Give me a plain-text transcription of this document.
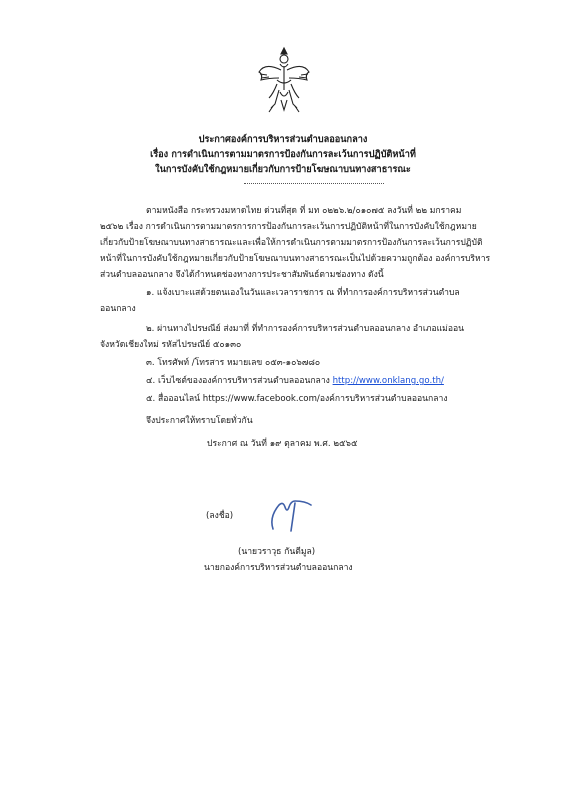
ประกาศองค์การบริหารส่วนตำบลออนกลาง
เรื่อง การดำเนินการตามมาตรการป้องกันการละเว้นการปฏิบัติหน้าที่
ในการบังคับใช้กฎหมายเกี่ยวกับการป้ายโฆษณาบนทางสาธารณะ
ตามหนังสือ กระทรวงมหาดไทย ด่วนที่สุด ที่ มท ๐๒๒๖.๒/๐๑๐๗๕ ลงวันที่ ๒๒ มกราคม
๒๕๖๒ เรื่อง การดำเนินการตามมาตรการการป้องกันการละเว้นการปฏิบัติหน้าที่ในการบังคับใช้กฎหมาย
เกี่ยวกับป้ายโฆษณาบนทางสาธารณะและเพื่อให้การดำเนินการตามมาตรการป้องกันการละเว้นการปฏิบัติ
หน้าที่ในการบังคับใช้กฎหมายเกี่ยวกับป้ายโฆษณาบนทางสาธารณะเป็นไปด้วยความถูกต้อง องค์การบริหาร
ส่วนตำบลออนกลาง จึงได้กำหนดช่องทางการประชาสัมพันธ์ตามช่องทาง ดังนี้
๑. แจ้งเบาะแสด้วยตนเองในวันและเวลาราชการ ณ ที่ทำการองค์การบริหารส่วนตำบล
ออนกลาง
๒. ผ่านทางไปรษณีย์ ส่งมาที่ ที่ทำการองค์การบริหารส่วนตำบลออนกลาง อำเภอแม่ออน
จังหวัดเชียงใหม่ รหัสไปรษณีย์ ๕๐๑๓๐
๓. โทรศัพท์ /โทรสาร หมายเลข ๐๕๓-๑๐๖๗๘๐
๔. เว็บไซต์ขององค์การบริหารส่วนตำบลออนกลาง http://www.onklang.go.th/
๕. สื่อออนไลน์ https://www.facebook.com/องค์การบริหารส่วนตำบลออนกลาง
จึงประกาศให้ทราบโดยทั่วกัน
ประกาศ ณ วันที่ ๑๙ ตุลาคม พ.ศ. ๒๕๖๕
(ลงชื่อ)
(นายวราวุธ กันตีมูล)
นายกองค์การบริหารส่วนตำบลออนกลาง
